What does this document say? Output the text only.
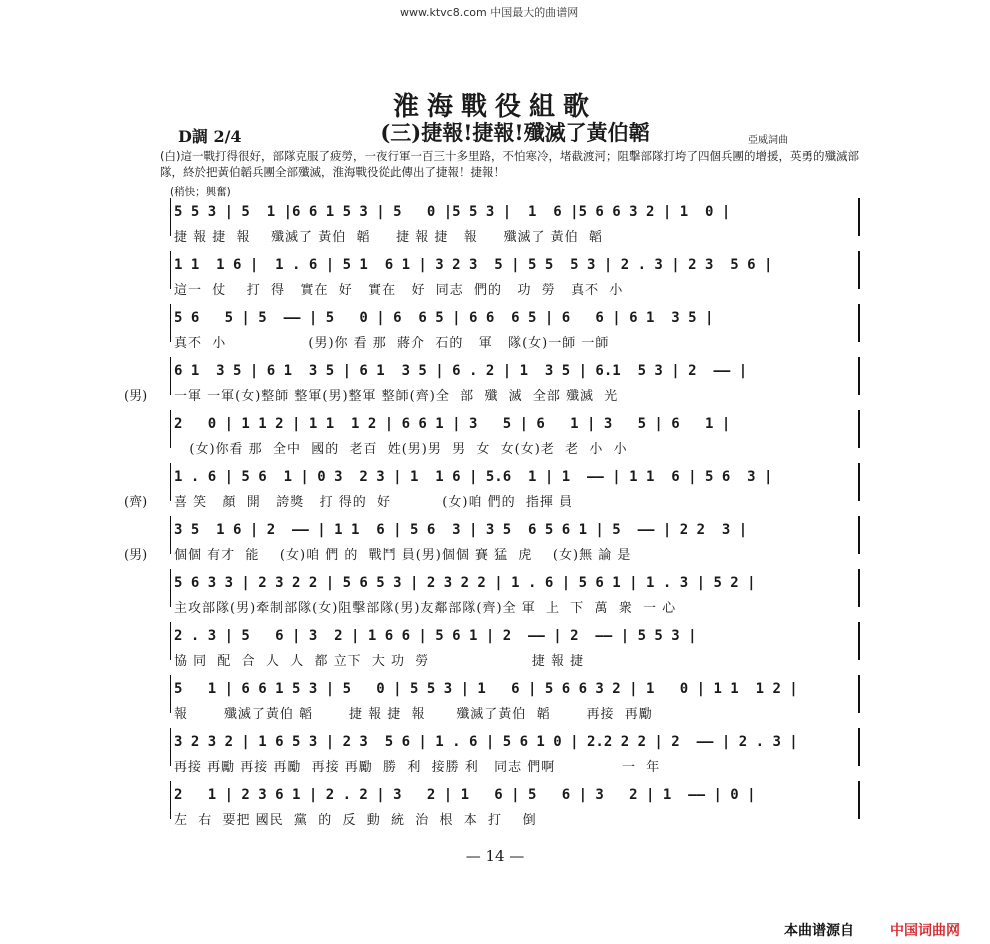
www.ktvc8.com 中国最大的曲谱网
淮海戰役組歌
D調 2/4	(三)捷報!捷報!殲滅了黃伯韜	亞威詞曲
(白)這一戰打得很好，部隊克服了疲勞，一夜行軍一百三十多里路，不怕寒冷，堵截渡河；阻擊部隊打垮了四個兵團的增援，英勇的殲滅部隊，終於把黃伯韜兵團全部殲滅，淮海戰役從此傳出了捷報！捷報！
(稍快；興奮)
5 5 3 | 5  1 |6 6 1 5 3 | 5   0 |5 5 3 |  1  6 |5 6 6 3 2 | 1  0 |
捷 報 捷  報    殲滅了 黃伯  韜     捷 報 捷   報     殲滅了 黃伯  韜
1 1  1 6 |  1 . 6 | 5 1  6 1 | 3 2 3  5 | 5 5  5 3 | 2 . 3 | 2 3  5 6 |
這一  仗    打  得   實在  好   實在   好  同志  們的   功  勞   真不  小
5 6   5 | 5  —— | 5   0 | 6  6 5 | 6 6  6 5 | 6   6 | 6 1  3 5 |
真不  小                (男)你 看 那  蔣介  石的   軍   隊(女)一師 一師
(男)
6 1  3 5 | 6 1  3 5 | 6 1  3 5 | 6 . 2 | 1  3 5 | 6.1  5 3 | 2  —— |
一軍 一軍(女)整師 整軍(男)整軍 整師(齊)全  部  殲  滅  全部 殲滅  光
2   0 | 1 1 2 | 1 1  1 2 | 6 6 1 | 3   5 | 6   1 | 3   5 | 6   1 |
(女)你看 那  全中  國的  老百  姓(男)男  男  女  女(女)老  老  小  小
(齊)
1 . 6 | 5 6  1 | 0 3  2 3 | 1  1 6 | 5.6  1 | 1  —— | 1 1  6 | 5 6  3 |
喜 笑   顏  開   誇獎   打 得的  好          (女)咱 們的  指揮 員
(男)
3 5  1 6 | 2  —— | 1 1  6 | 5 6  3 | 3 5  6 5 6 1 | 5  —— | 2 2  3 |
個個 有才  能    (女)咱 們 的  戰鬥 員(男)個個 賽 猛  虎    (女)無 論 是
5 6 3 3 | 2 3 2 2 | 5 6 5 3 | 2 3 2 2 | 1 . 6 | 5 6 1 | 1 . 3 | 5 2 |
主攻部隊(男)牽制部隊(女)阻擊部隊(男)友鄰部隊(齊)全 軍  上  下  萬  衆  一 心
2 . 3 | 5   6 | 3  2 | 1 6 6 | 5 6 1 | 2  —— | 2  —— | 5 5 3 |
協 同  配  合  人  人  都 立下  大 功  勞                    捷 報 捷
5   1 | 6 6 1 5 3 | 5   0 | 5 5 3 | 1   6 | 5 6 6 3 2 | 1   0 | 1 1  1 2 |
報       殲滅了黃伯 韜       捷 報 捷  報      殲滅了黃伯  韜       再接  再勵
3 2 3 2 | 1 6 5 3 | 2 3  5 6 | 1 . 6 | 5 6 1 0 | 2.2 2 2 | 2  —— | 2 . 3 |
再接 再勵 再接 再勵  再接 再勵  勝  利  接勝 利   同志 們啊             一  年
2   1 | 2 3 6 1 | 2 . 2 | 3   2 | 1   6 | 5   6 | 3   2 | 1  —— | 0 |
左  右  要把 國民  黨  的  反  動  統  治  根  本  打    倒
— 14 —
本曲谱源自	中国词曲网
